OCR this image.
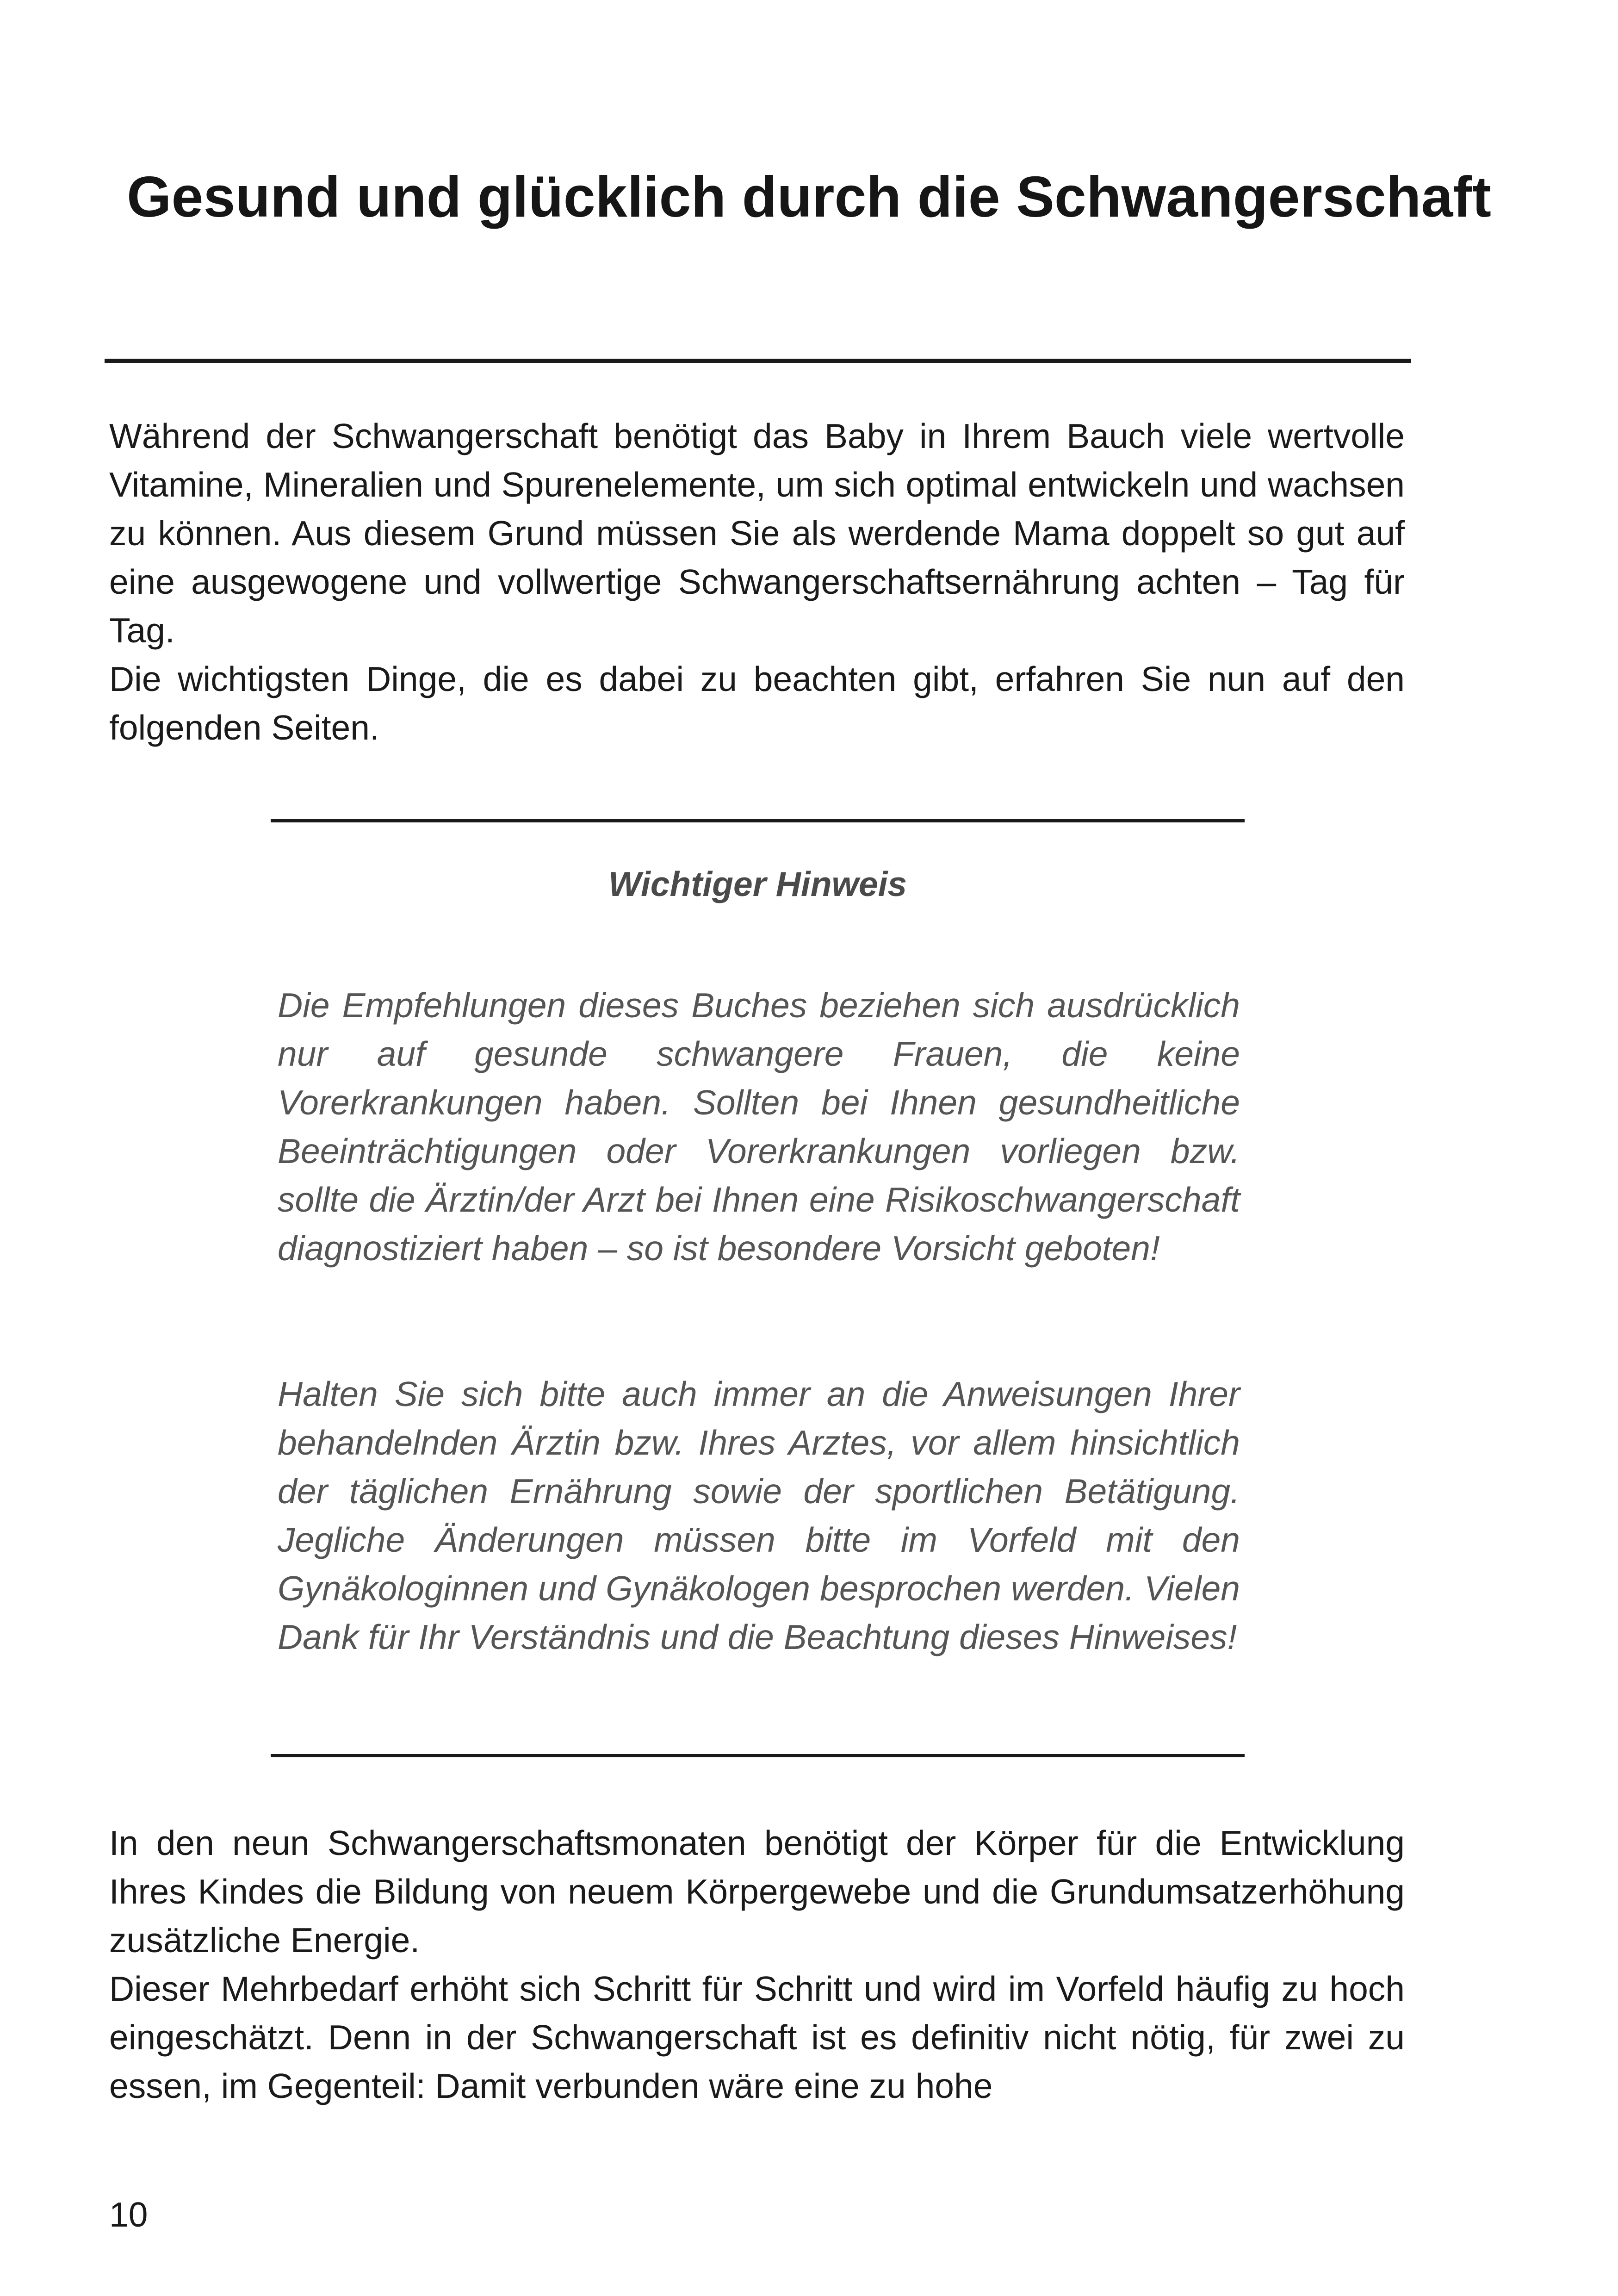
Gesund und glücklich durch die Schwangerschaft
Während der Schwangerschaft benötigt das Baby in Ihrem Bauch viele wertvolle Vitamine, Mineralien und Spurenelemente, um sich optimal entwickeln und wachsen zu können. Aus diesem Grund müssen Sie als werdende Mama doppelt so gut auf eine ausgewogene und vollwertige Schwangerschaftsernährung achten – Tag für Tag.
Die wichtigsten Dinge, die es dabei zu beachten gibt, erfahren Sie nun auf den folgenden Seiten.
Wichtiger Hinweis
Die Empfehlungen dieses Buches beziehen sich ausdrücklich nur auf gesunde schwangere Frauen, die keine Vorerkrankungen haben. Sollten bei Ihnen gesundheitliche Beeinträchtigungen oder Vorerkrankungen vorliegen bzw. sollte die Ärztin/der Arzt bei Ihnen eine Risikoschwangerschaft diagnostiziert haben – so ist besondere Vorsicht geboten!
Halten Sie sich bitte auch immer an die Anweisungen Ihrer behandelnden Ärztin bzw. Ihres Arztes, vor allem hinsichtlich der täglichen Ernährung sowie der sportlichen Betätigung. Jegliche Änderungen müssen bitte im Vorfeld mit den Gynäkologinnen und Gynäkologen besprochen werden. Vielen Dank für Ihr Verständnis und die Beachtung dieses Hinweises!
In den neun Schwangerschaftsmonaten benötigt der Körper für die Entwicklung Ihres Kindes die Bildung von neuem Körpergewebe und die Grundumsatzerhöhung zusätzliche Energie.
Dieser Mehrbedarf erhöht sich Schritt für Schritt und wird im Vorfeld häufig zu hoch eingeschätzt. Denn in der Schwangerschaft ist es definitiv nicht nötig, für zwei zu essen, im Gegenteil: Damit verbunden wäre eine zu hohe
10
